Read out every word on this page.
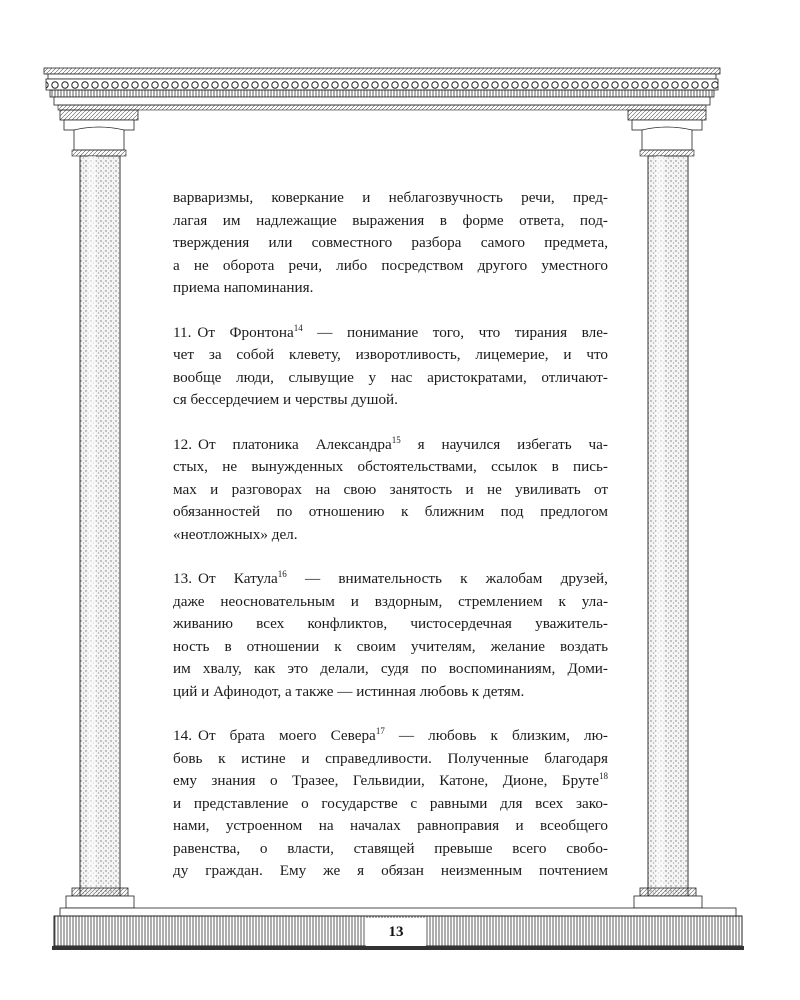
варваризмы, коверкание и неблагозвучность речи, пред-
лагая им надлежащие выражения в форме ответа, под-
тверждения или совместного разбора самого предмета,
а не оборота речи, либо посредством другого уместного
приема напоминания.

11. От Фронтона$^{14}$ — понимание того, что тирания вле-
чет за собой клевету, изворотливость, лицемерие, и что
вообще люди, слывущие у нас аристократами, отличают-
ся бессердечием и черствы душой.

12. От платоника Александра$^{15}$ я научился избегать ча-
стых, не вынужденных обстоятельствами, ссылок в пись-
мах и разговорах на свою занятость и не увиливать от
обязанностей по отношению к ближним под предлогом
«неотложных» дел.

13. От Катула$^{16}$ — внимательность к жалобам друзей,
даже неосновательным и вздорным, стремлением к ула-
живанию всех конфликтов, чистосердечная уважитель-
ность в отношении к своим учителям, желание воздать
им хвалу, как это делали, судя по воспоминаниям, Доми-
ций и Афинодот, а также — истинная любовь к детям.

14. От брата моего Севера$^{17}$ — любовь к близким, лю-
бовь к истине и справедливости. Полученные благодаря
ему знания о Тразее, Гельвидии, Катоне, Дионе, Бруте$^{18}$
и представление о государстве с равными для всех зако-
нами, устроенном на началах равноправия и всеобщего
равенства, о власти, ставящей превыше всего свобо-
ду граждан. Ему же я обязан неизменным почтением

13
